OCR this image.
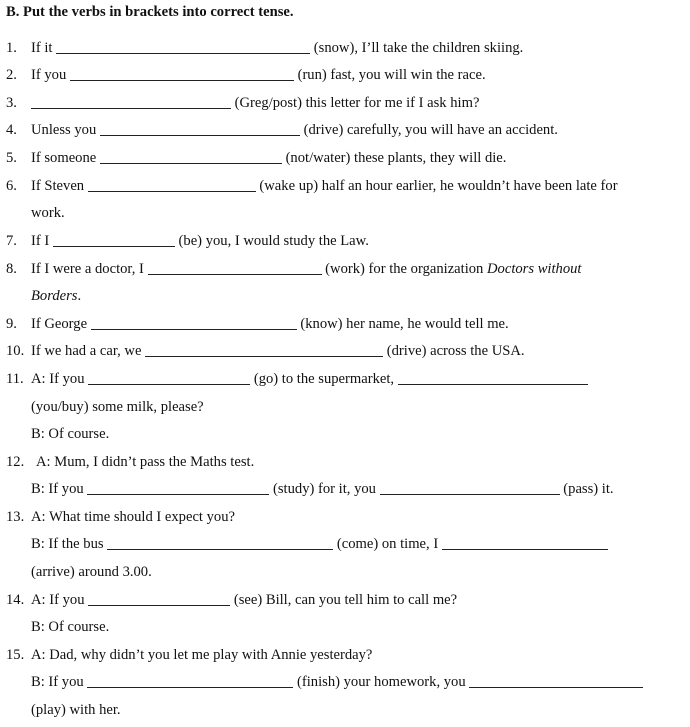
B. Put the verbs in brackets into correct tense.
1. If it	(snow), I’ll take the children skiing.
2. If you	(run) fast, you will win the race.
3.	(Greg/post) this letter for me if I ask him?
4. Unless you	(drive) carefully, you will have an accident.
5. If someone	(not/water) these plants, they will die.
6. If Steven	(wake up) half an hour earlier, he wouldn’t have been late for
work.
7. If I	(be) you, I would study the Law.
8. If I were a doctor, I	(work) for the organization Doctors without
Borders.
9. If George	(know) her name, he would tell me.
10. If we had a car, we	(drive) across the USA.
11. A: If you	(go) to the supermarket,
(you/buy) some milk, please?
B: Of course.
12. A: Mum, I didn’t pass the Maths test.
B: If you	(study) for it, you	(pass) it.
13. A: What time should I expect you?
B: If the bus	(come) on time, I
(arrive) around 3.00.
14. A: If you	(see) Bill, can you tell him to call me?
B: Of course.
15. A: Dad, why didn’t you let me play with Annie yesterday?
B: If you	(finish) your homework, you
(play) with her.
